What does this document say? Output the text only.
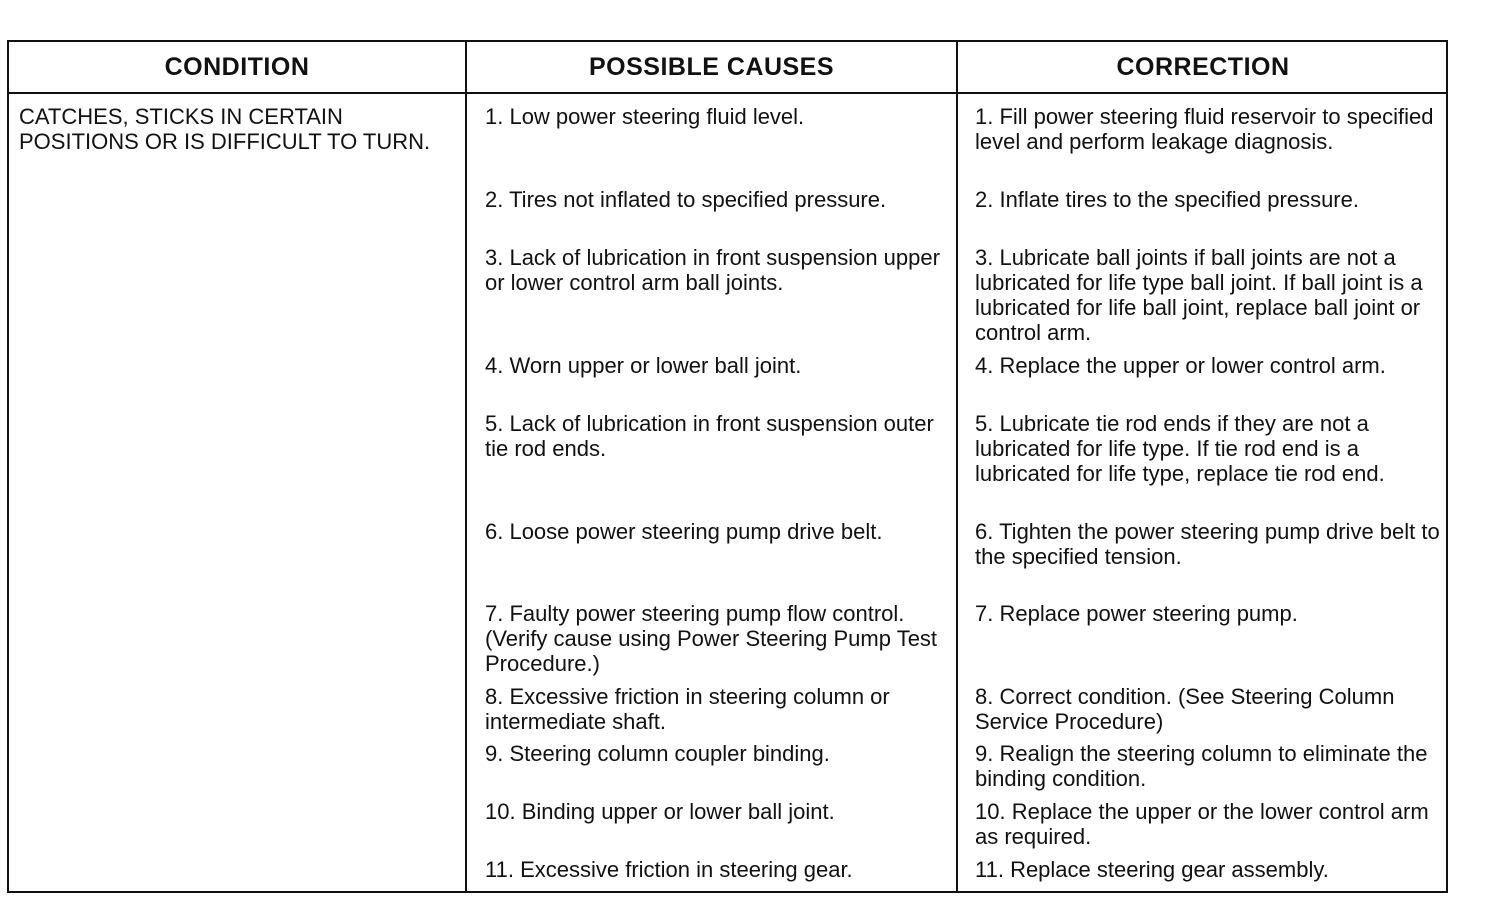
CONDITION	POSSIBLE CAUSES	CORRECTION

CATCHES, STICKS IN CERTAIN POSITIONS OR IS DIFFICULT TO TURN.

1. Low power steering fluid level.

2. Tires not inflated to specified pressure.

3. Lack of lubrication in front suspension upper or lower control arm ball joints.

4. Worn upper or lower ball joint.

5. Lack of lubrication in front suspension outer tie rod ends.

6. Loose power steering pump drive belt.

7. Faulty power steering pump flow control. (Verify cause using Power Steering Pump Test Procedure.)

8. Excessive friction in steering column or intermediate shaft.

9. Steering column coupler binding.

10. Binding upper or lower ball joint.

11. Excessive friction in steering gear.

1. Fill power steering fluid reservoir to specified level and perform leakage diagnosis.

2. Inflate tires to the specified pressure.

3. Lubricate ball joints if ball joints are not a lubricated for life type ball joint. If ball joint is a lubricated for life ball joint, replace ball joint or control arm.

4. Replace the upper or lower control arm.

5. Lubricate tie rod ends if they are not a lubricated for life type. If tie rod end is a lubricated for life type, replace tie rod end.

6. Tighten the power steering pump drive belt to the specified tension.

7. Replace power steering pump.

8. Correct condition. (See Steering Column Service Procedure)

9. Realign the steering column to eliminate the binding condition.

10. Replace the upper or the lower control arm as required.

11. Replace steering gear assembly.
